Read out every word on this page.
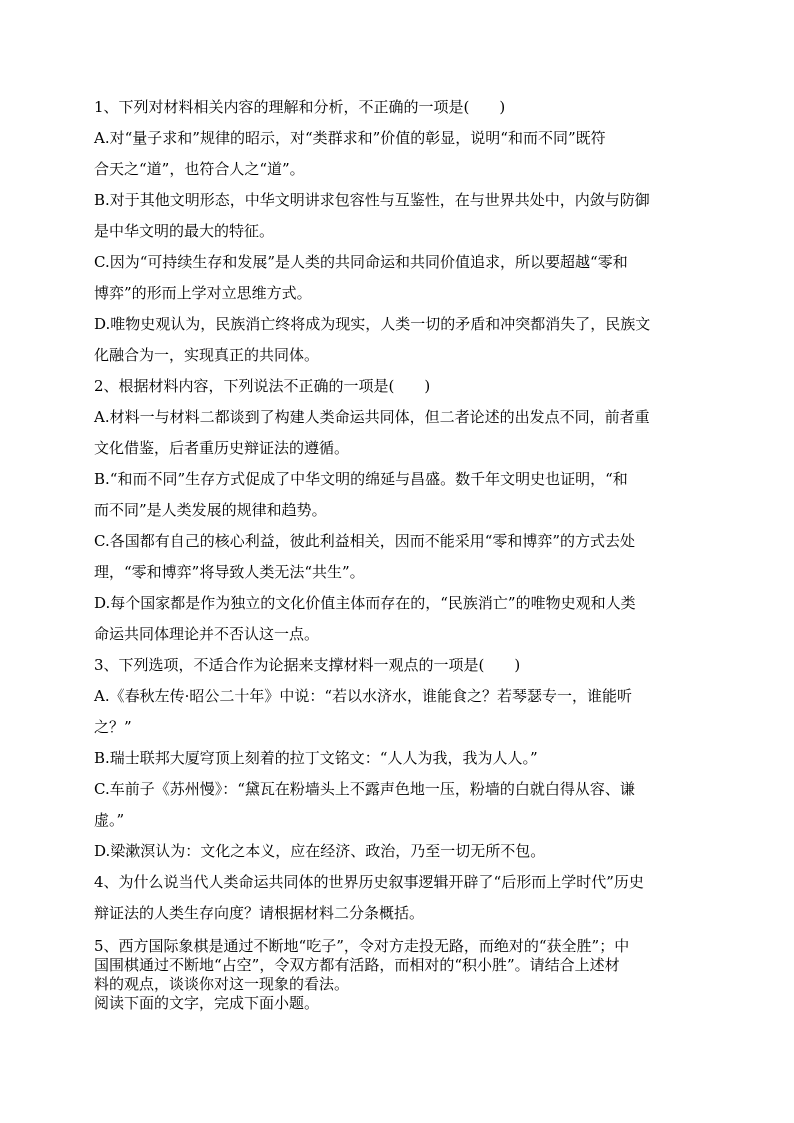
1、下列对材料相关内容的理解和分析，不正确的一项是(　　)
A.对“量子求和”规律的昭示，对“类群求和”价值的彰显，说明“和而不同”既符
合天之“道”，也符合人之“道”。
B.对于其他文明形态，中华文明讲求包容性与互鉴性，在与世界共处中，内敛与防御
是中华文明的最大的特征。
C.因为“可持续生存和发展”是人类的共同命运和共同价值追求，所以要超越“零和
博弈”的形而上学对立思维方式。
D.唯物史观认为，民族消亡终将成为现实，人类一切的矛盾和冲突都消失了，民族文
化融合为一，实现真正的共同体。
2、根据材料内容，下列说法不正确的一项是(　　)
A.材料一与材料二都谈到了构建人类命运共同体，但二者论述的出发点不同，前者重
文化借鉴，后者重历史辩证法的遵循。
B.“和而不同”生存方式促成了中华文明的绵延与昌盛。数千年文明史也证明，“和
而不同”是人类发展的规律和趋势。
C.各国都有自己的核心利益，彼此利益相关，因而不能采用“零和博弈”的方式去处
理，“零和博弈”将导致人类无法“共生”。
D.每个国家都是作为独立的文化价值主体而存在的，“民族消亡”的唯物史观和人类
命运共同体理论并不否认这一点。
3、下列选项，不适合作为论据来支撑材料一观点的一项是(　　)
A.《春秋左传·昭公二十年》中说：“若以水济水，谁能食之？若琴瑟专一，谁能听
之？”
B.瑞士联邦大厦穹顶上刻着的拉丁文铭文：“人人为我，我为人人。”
C.车前子《苏州慢》：“黛瓦在粉墙头上不露声色地一压，粉墙的白就白得从容、谦
虚。”
D.梁漱溟认为：文化之本义，应在经济、政治，乃至一切无所不包。
4、为什么说当代人类命运共同体的世界历史叙事逻辑开辟了“后形而上学时代”历史
辩证法的人类生存向度？请根据材料二分条概括。
5、西方国际象棋是通过不断地“吃子”，令对方走投无路，而绝对的“获全胜”；中
国围棋通过不断地“占空”，令双方都有活路，而相对的“积小胜”。请结合上述材
料的观点，谈谈你对这一现象的看法。
阅读下面的文字，完成下面小题。
